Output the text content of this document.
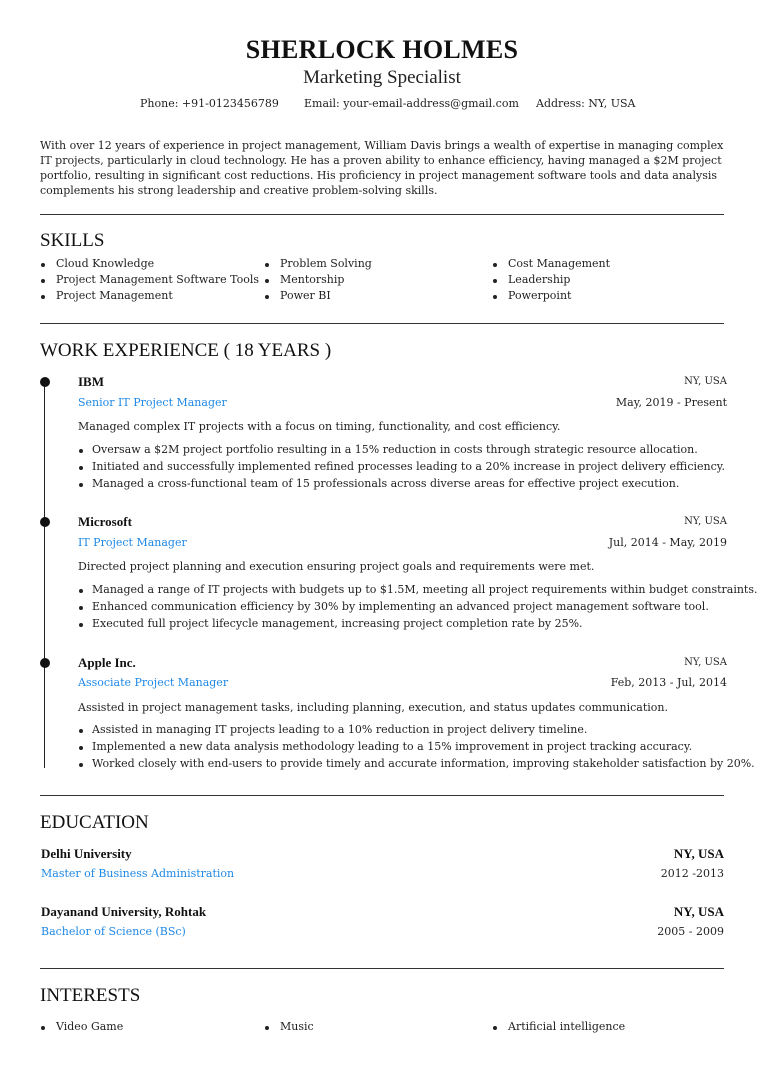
SHERLOCK HOLMES
Marketing Specialist
Phone: +91-0123456789 Email: your-email-address@gmail.com Address: NY, USA
With over 12 years of experience in project management, William Davis brings a wealth of expertise in managing complex IT projects, particularly in cloud technology. He has a proven ability to enhance efficiency, having managed a $2M project portfolio, resulting in significant cost reductions. His proficiency in project management software tools and data analysis complements his strong leadership and creative problem-solving skills.
SKILLS
Cloud Knowledge
Project Management Software Tools
Project Management
Problem Solving
Mentorship
Power BI
Cost Management
Leadership
Powerpoint
WORK EXPERIENCE ( 18 YEARS )
IBM	NY, USA
Senior IT Project Manager	May, 2019 - Present
Managed complex IT projects with a focus on timing, functionality, and cost efficiency.
Oversaw a $2M project portfolio resulting in a 15% reduction in costs through strategic resource allocation.
Initiated and successfully implemented refined processes leading to a 20% increase in project delivery efficiency.
Managed a cross-functional team of 15 professionals across diverse areas for effective project execution.
Microsoft	NY, USA
IT Project Manager	Jul, 2014 - May, 2019
Directed project planning and execution ensuring project goals and requirements were met.
Managed a range of IT projects with budgets up to $1.5M, meeting all project requirements within budget constraints.
Enhanced communication efficiency by 30% by implementing an advanced project management software tool.
Executed full project lifecycle management, increasing project completion rate by 25%.
Apple Inc.	NY, USA
Associate Project Manager	Feb, 2013 - Jul, 2014
Assisted in project management tasks, including planning, execution, and status updates communication.
Assisted in managing IT projects leading to a 10% reduction in project delivery timeline.
Implemented a new data analysis methodology leading to a 15% improvement in project tracking accuracy.
Worked closely with end-users to provide timely and accurate information, improving stakeholder satisfaction by 20%.
EDUCATION
Delhi University	NY, USA
Master of Business Administration	2012 -2013
Dayanand University, Rohtak	NY, USA
Bachelor of Science (BSc)	2005 - 2009
INTERESTS
Video Game	Music	Artificial intelligence
